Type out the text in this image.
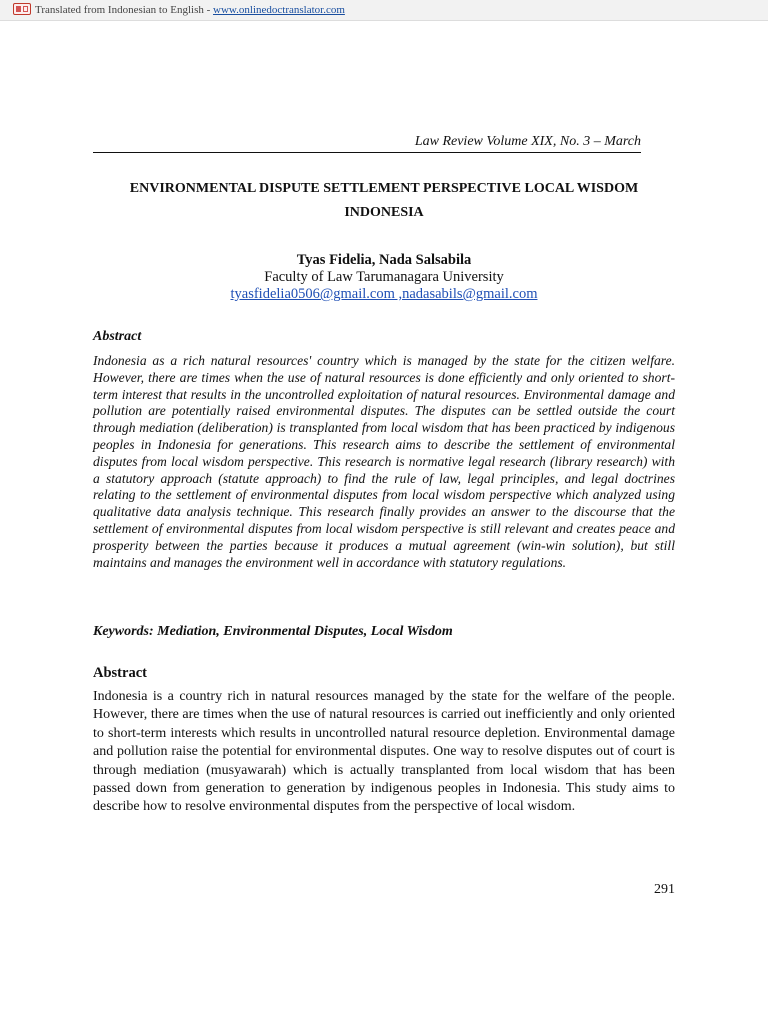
Translated from Indonesian to English - www.onlinedoctranslator.com
Law Review Volume XIX, No. 3 – March
ENVIRONMENTAL DISPUTE SETTLEMENT PERSPECTIVE LOCAL WISDOM INDONESIA
Tyas Fidelia, Nada Salsabila
Faculty of Law Tarumanagara University
tyasfidelia0506@gmail.com ,nadasabils@gmail.com
Abstract

Indonesia as a rich natural resources' country which is managed by the state for the citizen welfare. However, there are times when the use of natural resources is done efficiently and only oriented to short-term interest that results in the uncontrolled exploitation of natural resources. Environmental damage and pollution are potentially raised environmental disputes. The disputes can be settled outside the court through mediation (deliberation) is transplanted from local wisdom that has been practiced by indigenous peoples in Indonesia for generations. This research aims to describe the settlement of environmental disputes from local wisdom perspective. This research is normative legal research (library research) with a statutory approach (statute approach) to find the rule of law, legal principles, and legal doctrines relating to the settlement of environmental disputes from local wisdom perspective which analyzed using qualitative data analysis technique. This research finally provides an answer to the discourse that the settlement of environmental disputes from local wisdom perspective is still relevant and creates peace and prosperity between the parties because it produces a mutual agreement (win-win solution), but still maintains and manages the environment well in accordance with statutory regulations.

Keywords: Mediation, Environmental Disputes, Local Wisdom
Abstract

Indonesia is a country rich in natural resources managed by the state for the welfare of the people. However, there are times when the use of natural resources is carried out inefficiently and only oriented to short-term interests which results in uncontrolled natural resource depletion. Environmental damage and pollution raise the potential for environmental disputes. One way to resolve disputes out of court is through mediation (musyawarah) which is actually transplanted from local wisdom that has been passed down from generation to generation by indigenous peoples in Indonesia. This study aims to describe how to resolve environmental disputes from the perspective of local wisdom.

291
